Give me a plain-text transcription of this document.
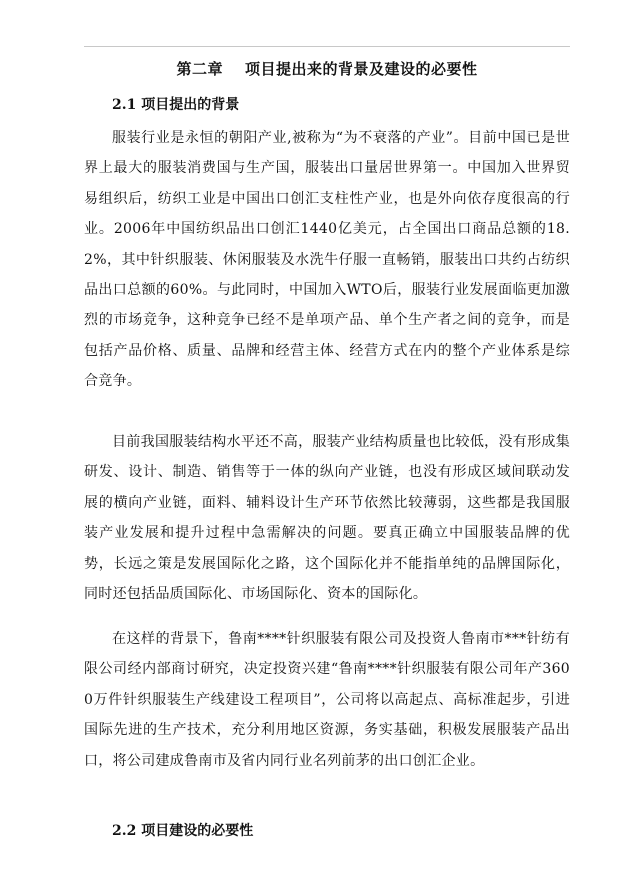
第二章 项目提出来的背景及建设的必要性
2.1 项目提出的背景

服装行业是永恒的朝阳产业,被称为“为不衰落的产业”。目前中国已是世界上最大的服装消费国与生产国，服装出口量居世界第一。中国加入世界贸易组织后，纺织工业是中国出口创汇支柱性产业，也是外向依存度很高的行业。2006年中国纺织品出口创汇1440亿美元，占全国出口商品总额的18.2%，其中针织服装、休闲服装及水洗牛仔服一直畅销，服装出口共约占纺织品出口总额的60%。与此同时，中国加入WTO后，服装行业发展面临更加激烈的市场竞争，这种竞争已经不是单项产品、单个生产者之间的竞争，而是包括产品价格、质量、品牌和经营主体、经营方式在内的整个产业体系是综合竞争。

目前我国服装结构水平还不高，服装产业结构质量也比较低，没有形成集研发、设计、制造、销售等于一体的纵向产业链，也没有形成区域间联动发展的横向产业链，面料、辅料设计生产环节依然比较薄弱，这些都是我国服装产业发展和提升过程中急需解决的问题。要真正确立中国服装品牌的优势，长远之策是发展国际化之路，这个国际化并不能指单纯的品牌国际化，同时还包括品质国际化、市场国际化、资本的国际化。

在这样的背景下，鲁南****针织服装有限公司及投资人鲁南市***针纺有限公司经内部商讨研究，决定投资兴建“鲁南****针织服装有限公司年产3600万件针织服装生产线建设工程项目”，公司将以高起点、高标准起步，引进国际先进的生产技术，充分利用地区资源，务实基础，积极发展服装产品出口，将公司建成鲁南市及省内同行业名列前茅的出口创汇企业。

2.2 项目建设的必要性
